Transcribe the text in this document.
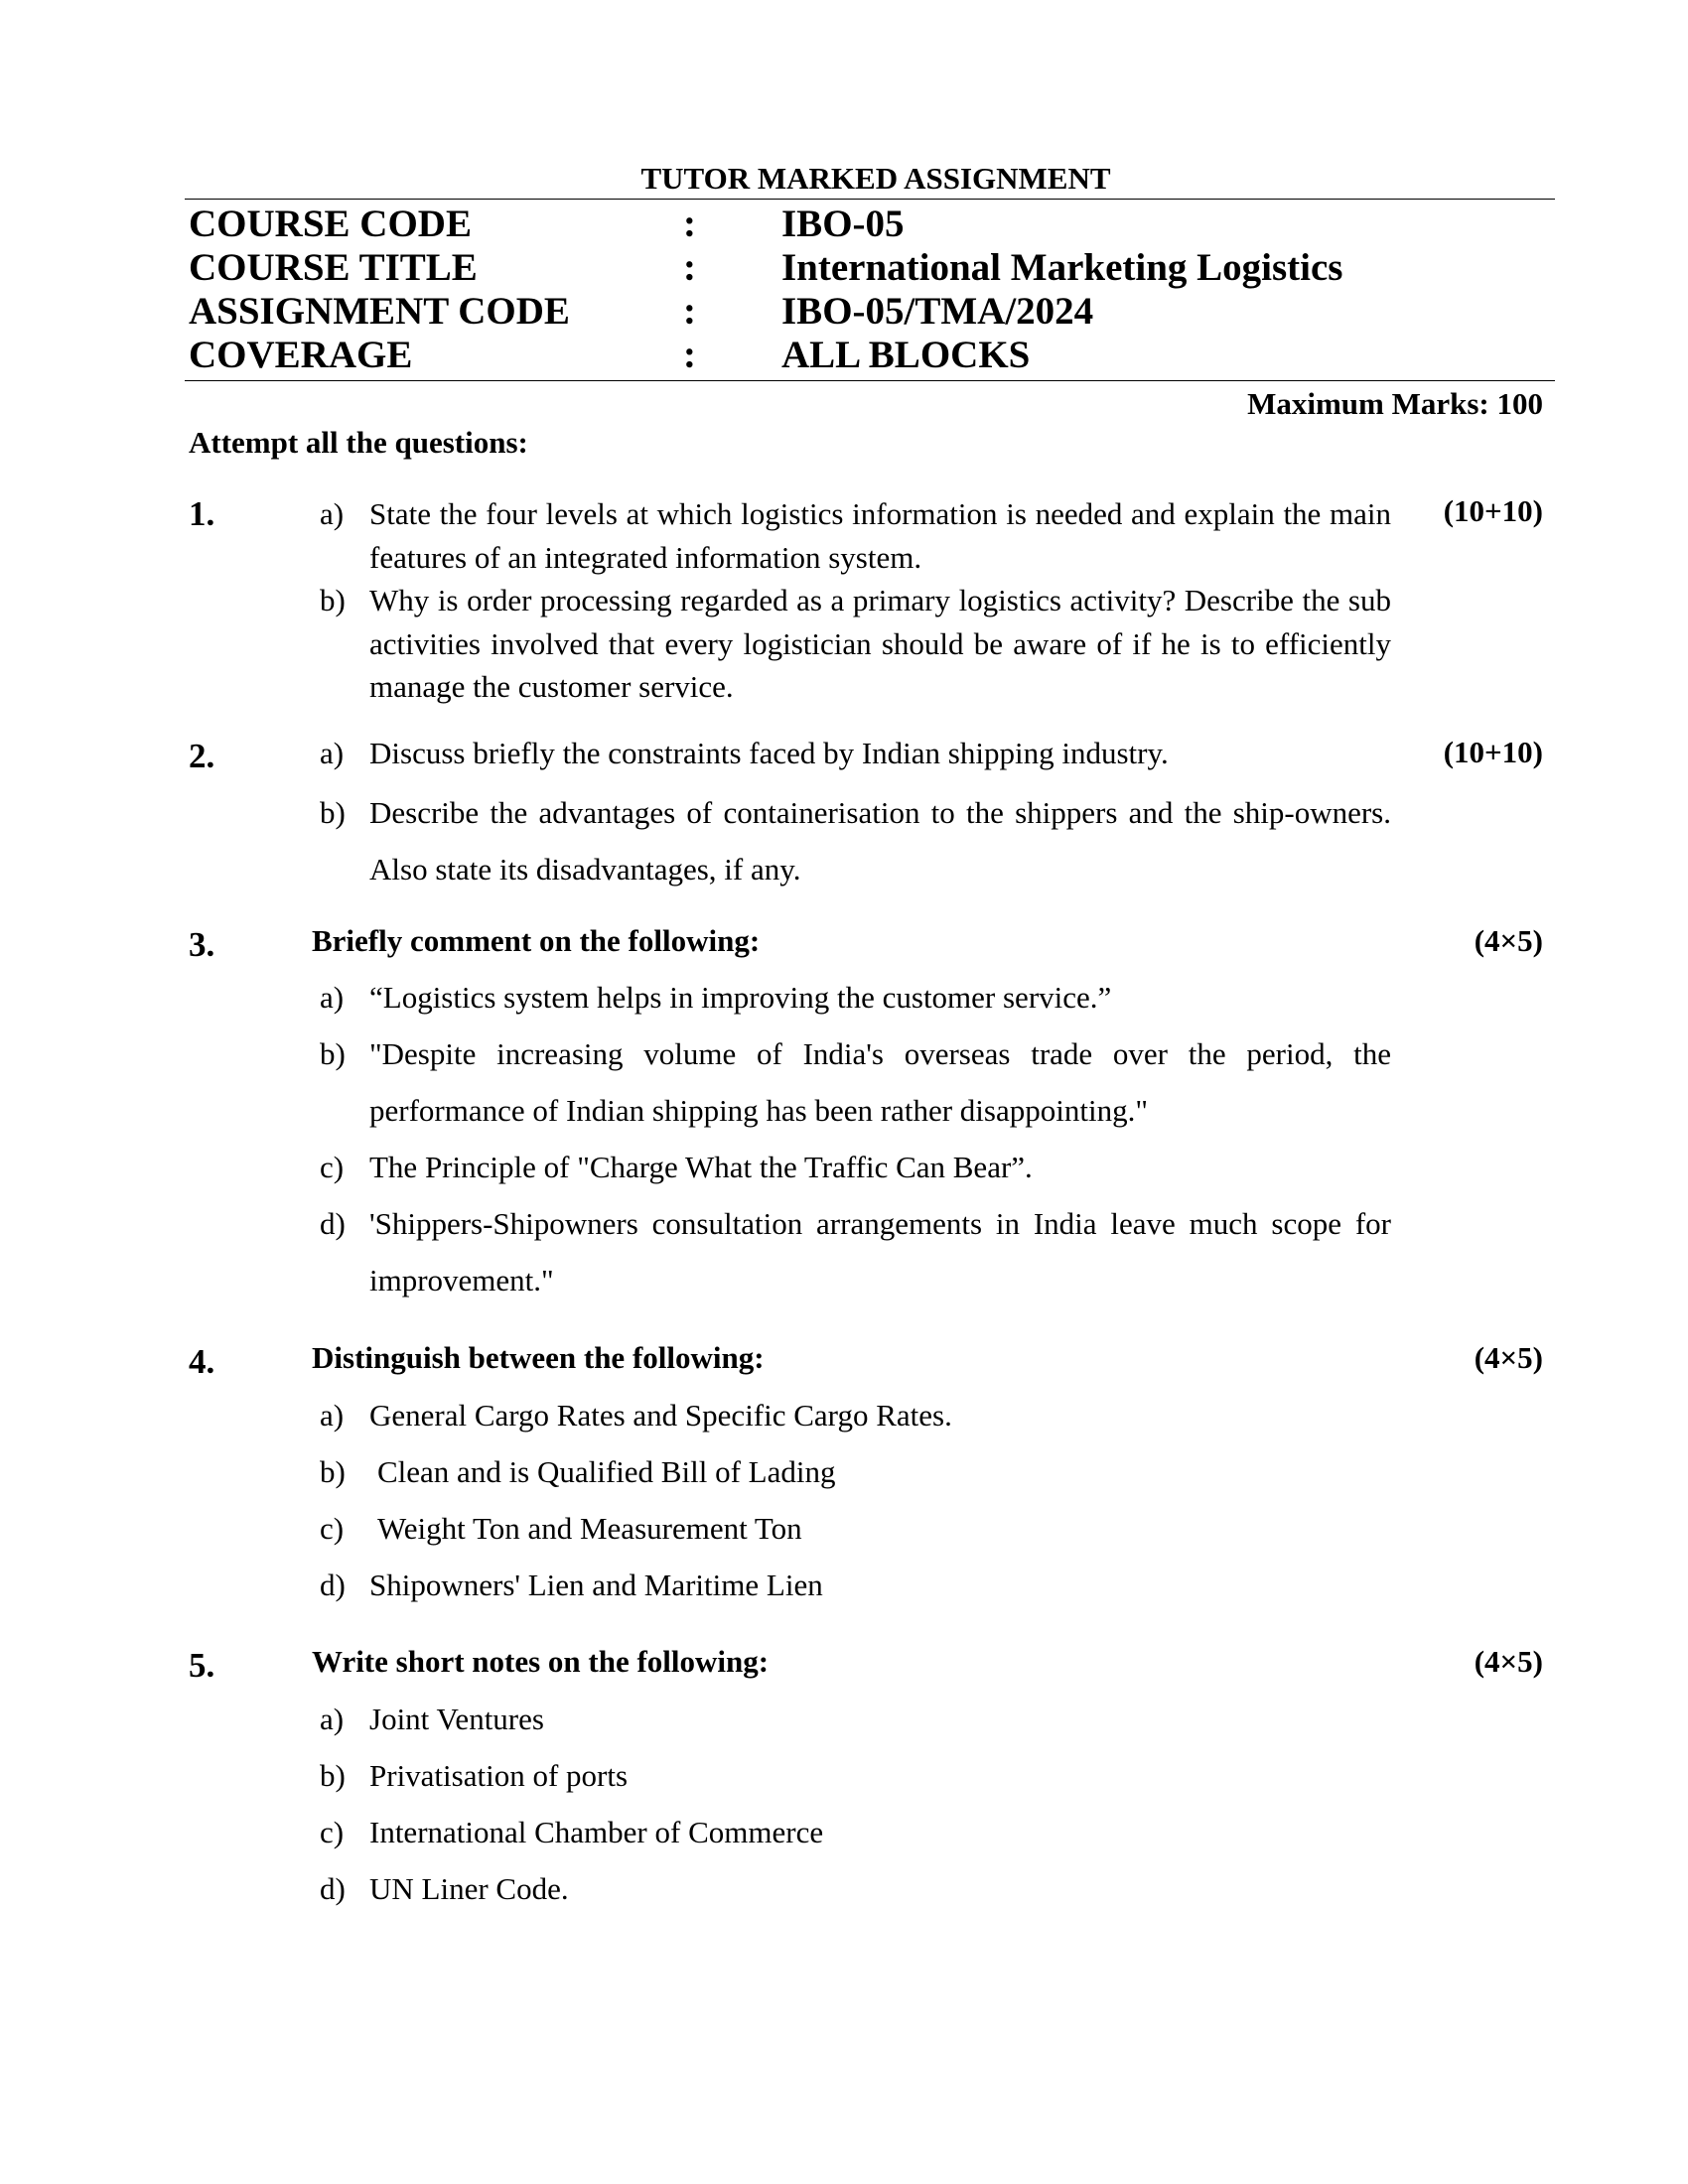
TUTOR MARKED ASSIGNMENT
COURSE CODE	: IBO-05
COURSE TITLE	: International Marketing Logistics
ASSIGNMENT CODE	: IBO-05/TMA/2024
COVERAGE	: ALL BLOCKS
Maximum Marks: 100
Attempt all the questions:
1.	(10+10)
a) State the four levels at which logistics information is needed and explain the main features of an integrated information system.
b) Why is order processing regarded as a primary logistics activity? Describe the sub activities involved that every logistician should be aware of if he is to efficiently manage the customer service.
2.	(10+10)
a) Discuss briefly the constraints faced by Indian shipping industry.
b) Describe the advantages of containerisation to the shippers and the ship-owners. Also state its disadvantages, if any.
3.	Briefly comment on the following:	(4×5)
a) “Logistics system helps in improving the customer service.”
b) "Despite increasing volume of India's overseas trade over the period, the performance of Indian shipping has been rather disappointing."
c) The Principle of "Charge What the Traffic Can Bear”.
d) 'Shippers-Shipowners consultation arrangements in India leave much scope for improvement."
4.	Distinguish between the following:	(4×5)
a) General Cargo Rates and Specific Cargo Rates.
b) Clean and is Qualified Bill of Lading
c) Weight Ton and Measurement Ton
d) Shipowners' Lien and Maritime Lien
5.	Write short notes on the following:	(4×5)
a) Joint Ventures
b) Privatisation of ports
c) International Chamber of Commerce
d) UN Liner Code.
